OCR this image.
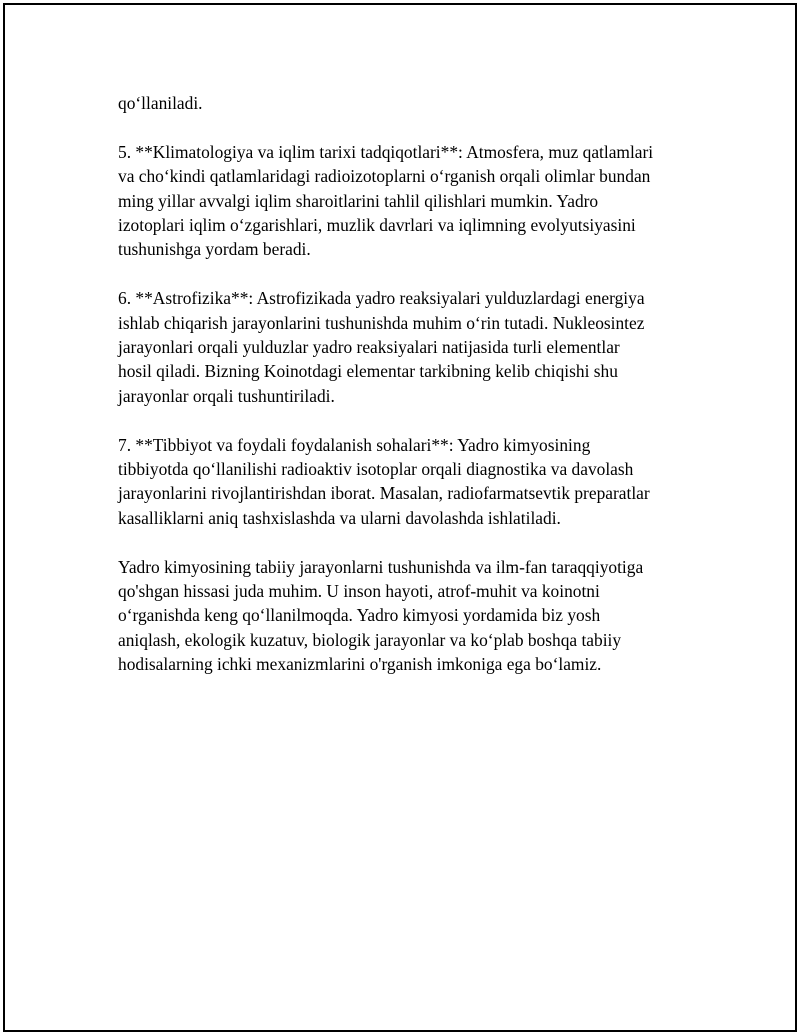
qo‘llaniladi.

5. **Klimatologiya va iqlim tarixi tadqiqotlari**: Atmosfera, muz qatlamlari
va cho‘kindi qatlamlaridagi radioizotoplarni o‘rganish orqali olimlar bundan
ming yillar avvalgi iqlim sharoitlarini tahlil qilishlari mumkin. Yadro
izotoplari iqlim o‘zgarishlari, muzlik davrlari va iqlimning evolyutsiyasini
tushunishga yordam beradi.

6. **Astrofizika**: Astrofizikada yadro reaksiyalari yulduzlardagi energiya
ishlab chiqarish jarayonlarini tushunishda muhim o‘rin tutadi. Nukleosintez
jarayonlari orqali yulduzlar yadro reaksiyalari natijasida turli elementlar
hosil qiladi. Bizning Koinotdagi elementar tarkibning kelib chiqishi shu
jarayonlar orqali tushuntiriladi.

7. **Tibbiyot va foydali foydalanish sohalari**: Yadro kimyosining
tibbiyotda qo‘llanilishi radioaktiv isotoplar orqali diagnostika va davolash
jarayonlarini rivojlantirishdan iborat. Masalan, radiofarmatsevtik preparatlar
kasalliklarni aniq tashxislashda va ularni davolashda ishlatiladi.

Yadro kimyosining tabiiy jarayonlarni tushunishda va ilm-fan taraqqiyotiga
qo'shgan hissasi juda muhim. U inson hayoti, atrof-muhit va koinotni
o‘rganishda keng qo‘llanilmoqda. Yadro kimyosi yordamida biz yosh
aniqlash, ekologik kuzatuv, biologik jarayonlar va ko‘plab boshqa tabiiy
hodisalarning ichki mexanizmlarini o'rganish imkoniga ega bo‘lamiz.
